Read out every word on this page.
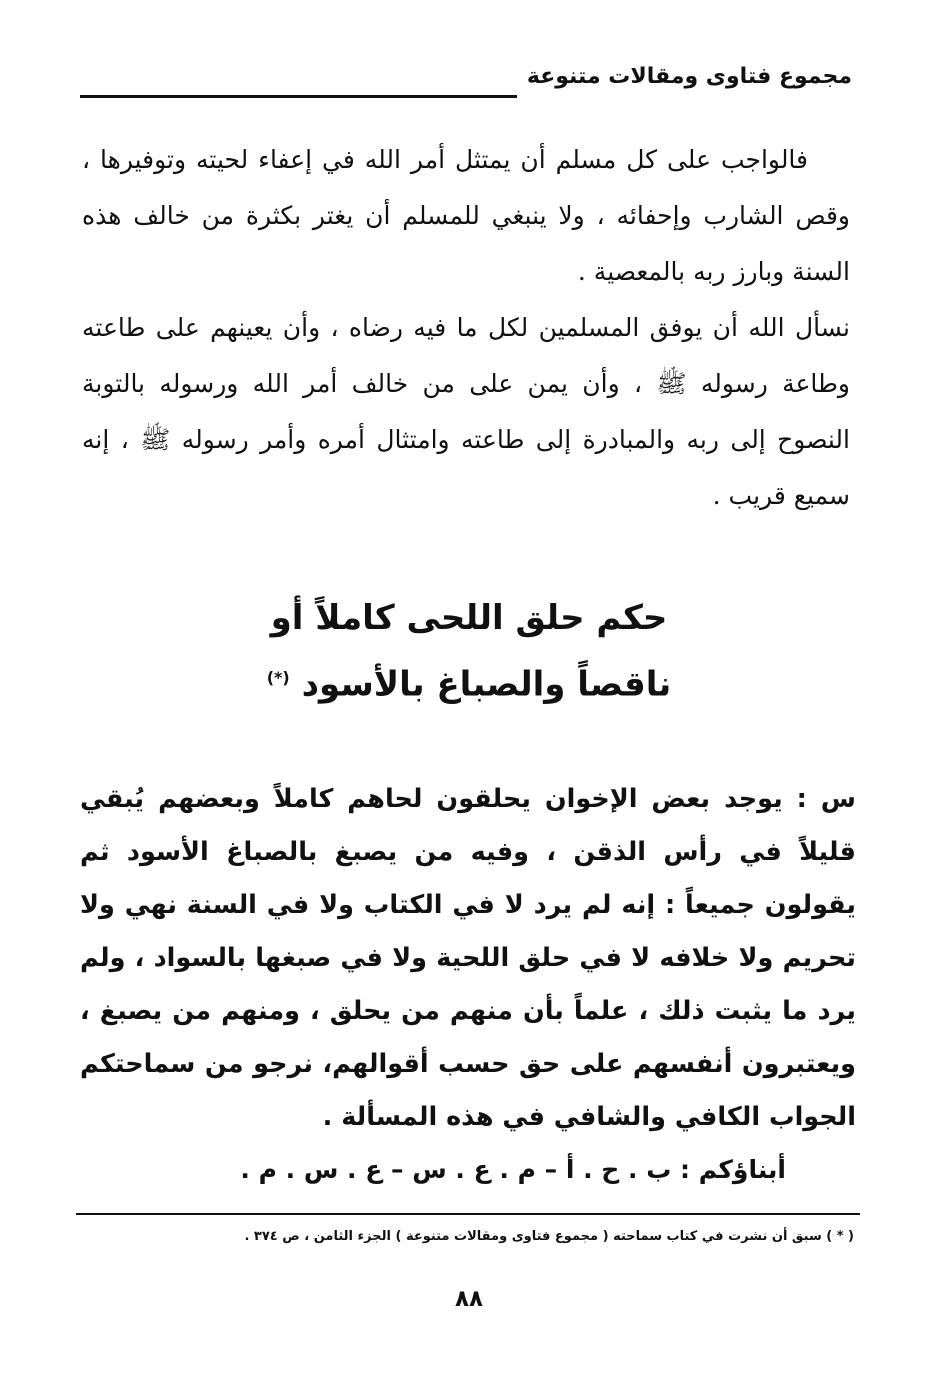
مجموع فتاوى ومقالات متنوعة

فالواجب على كل مسلم أن يمتثل أمر الله في إعفاء لحيته وتوفيرها ، وقص الشارب وإحفائه ، ولا ينبغي للمسلم أن يغتر بكثرة من خالف هذه السنة وبارز ربه بالمعصية .

نسأل الله أن يوفق المسلمين لكل ما فيه رضاه ، وأن يعينهم على طاعته وطاعة رسوله ﷺ ، وأن يمن على من خالف أمر الله ورسوله بالتوبة النصوح إلى ربه والمبادرة إلى طاعته وامتثال أمره وأمر رسوله ﷺ ، إنه سميع قريب .

حكم حلق اللحى كاملاً أو
ناقصاً والصباغ بالأسود (*)

س : يوجد بعض الإخوان يحلقون لحاهم كاملاً وبعضهم يُبقي قليلاً في رأس الذقن ، وفيه من يصبغ بالصباغ الأسود ثم يقولون جميعاً : إنه لم يرد لا في الكتاب ولا في السنة نهي ولا تحريم ولا خلافه لا في حلق اللحية ولا في صبغها بالسواد ، ولم يرد ما يثبت ذلك ، علماً بأن منهم من يحلق ، ومنهم من يصبغ ، ويعتبرون أنفسهم على حق حسب أقوالهم، نرجو من سماحتكم الجواب الكافي والشافي في هذه المسألة .

أبناؤكم : ب . ح . أ – م . ع . س – ع . س . م .
( * ) سبق أن نشرت في كتاب سماحته ( مجموع فتاوى ومقالات متنوعة ) الجزء الثامن ، ص ٣٧٤ .
٨٨
